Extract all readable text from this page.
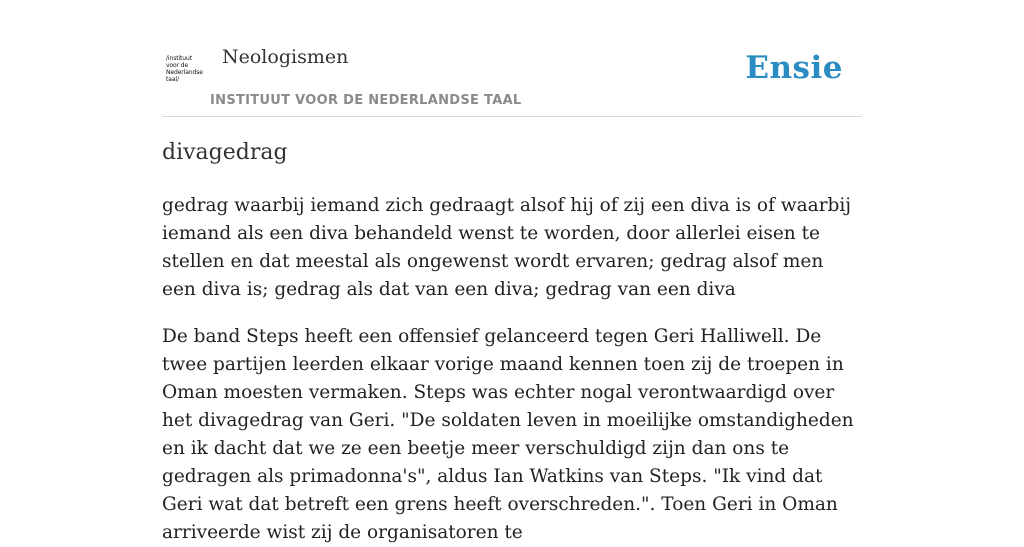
/instituut
voor de
Nederlandse
taal/
Neologismen
INSTITUUT VOOR DE NEDERLANDSE TAAL
Ensie
divagedrag

gedrag waarbij iemand zich gedraagt alsof hij of zij een diva is of waarbij iemand als een diva behandeld wenst te worden, door allerlei eisen te stellen en dat meestal als ongewenst wordt ervaren; gedrag alsof men een diva is; gedrag als dat van een diva; gedrag van een diva

De band Steps heeft een offensief gelanceerd tegen Geri Halliwell. De twee partijen leerden elkaar vorige maand kennen toen zij de troepen in Oman moesten vermaken. Steps was echter nogal verontwaardigd over het divagedrag van Geri. "De soldaten leven in moeilijke omstandigheden en ik dacht dat we ze een beetje meer verschuldigd zijn dan ons te gedragen als primadonna's", aldus Ian Watkins van Steps. "Ik vind dat Geri wat dat betreft een grens heeft overschreden.". Toen Geri in Oman arriveerde wist zij de organisatoren te
